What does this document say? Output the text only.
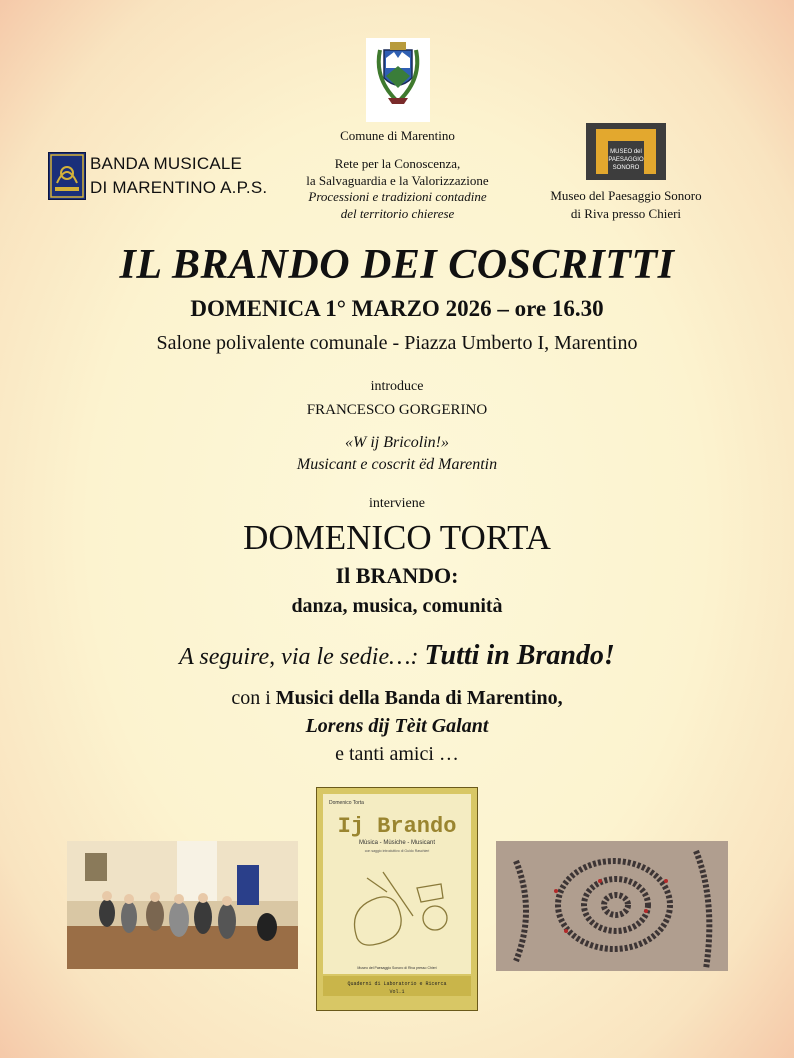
Comune di Marentino
Rete per la Conoscenza,
la Salvaguardia e la Valorizzazione
Processioni e tradizioni contadine
del territorio chierese
BANDA MUSICALE
DI MARENTINO A.P.S.
MUSEO del
PAESAGGIO
SONORO
Museo del Paesaggio Sonoro
di Riva presso Chieri
IL BRANDO DEI COSCRITTI
DOMENICA 1° MARZO 2026 – ore 16.30
Salone polivalente comunale - Piazza Umberto I, Marentino
introduce
FRANCESCO GORGERINO
«W ij Bricolin!»
Musicant e coscrit ëd Marentin
interviene
DOMENICO TORTA
Il BRANDO:
danza, musica, comunità
A seguire, via le sedie…: Tutti in Brando!
con i Musici della Banda di Marentino,
Lorens dij Tèit Galant
e tanti amici …
Domenico Torta
Ij Brando
Mùsica - Mùsiche - Musicant
con saggio introduttivo di Guido Raschieri
Museo del Paesaggio Sonoro di Riva presso Chieri
Quaderni di Laboratorio e Ricerca
Vol.1
